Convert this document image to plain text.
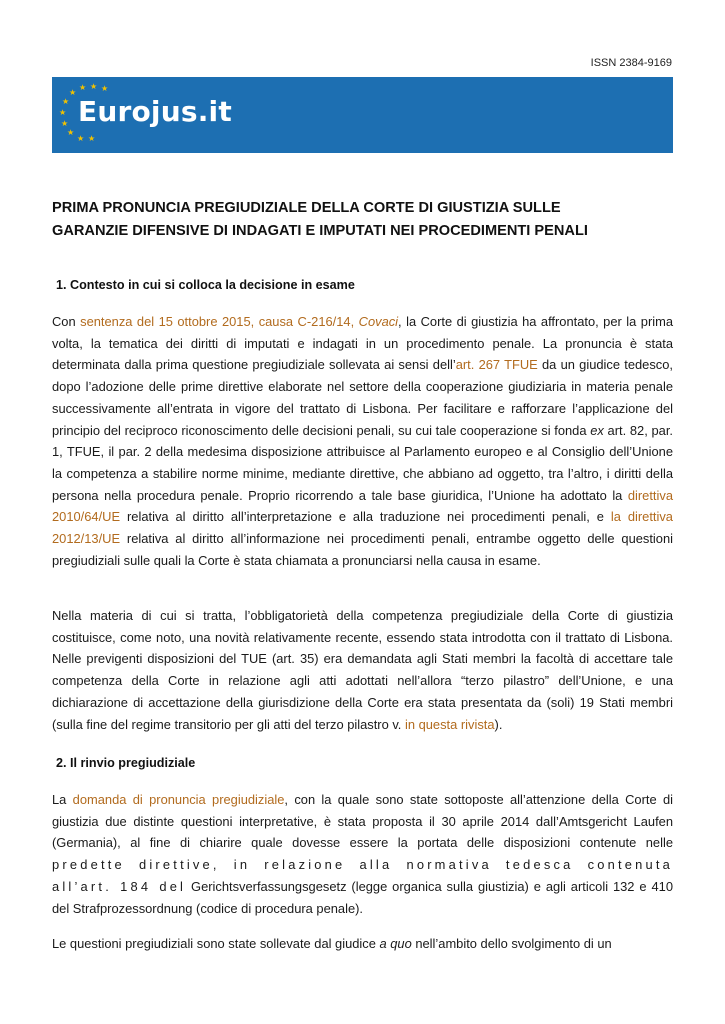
ISSN 2384-9169
★
★
★
★
★
★
★ ★ ★
★
Eurojus.it
PRIMA PRONUNCIA PREGIUDIZIALE DELLA CORTE DI GIUSTIZIA SULLE
GARANZIE DIFENSIVE DI INDAGATI E IMPUTATI NEI PROCEDIMENTI PENALI

1. Contesto in cui si colloca la decisione in esame

Con sentenza del 15 ottobre 2015, causa C-216/14, Covaci, la Corte di giustizia ha affrontato, per la prima volta, la tematica dei diritti di imputati e indagati in un procedimento penale. La pronuncia è stata determinata dalla prima questione pregiudiziale sollevata ai sensi dell’art. 267 TFUE da un giudice tedesco, dopo l’adozione delle prime direttive elaborate nel settore della cooperazione giudiziaria in materia penale successivamente all’entrata in vigore del trattato di Lisbona. Per facilitare e rafforzare l’applicazione del principio del reciproco riconoscimento delle decisioni penali, su cui tale cooperazione si fonda ex art. 82, par. 1, TFUE, il par. 2 della medesima disposizione attribuisce al Parlamento europeo e al Consiglio dell’Unione la competenza a stabilire norme minime, mediante direttive, che abbiano ad oggetto, tra l’altro, i diritti della persona nella procedura penale. Proprio ricorrendo a tale base giuridica, l’Unione ha adottato la direttiva 2010/64/UE relativa al diritto all’interpretazione e alla traduzione nei procedimenti penali, e la direttiva 2012/13/UE relativa al diritto all’informazione nei procedimenti penali, entrambe oggetto delle questioni pregiudiziali sulle quali la Corte è stata chiamata a pronunciarsi nella causa in esame.

Nella materia di cui si tratta, l’obbligatorietà della competenza pregiudiziale della Corte di giustizia costituisce, come noto, una novità relativamente recente, essendo stata introdotta con il trattato di Lisbona. Nelle previgenti disposizioni del TUE (art. 35) era demandata agli Stati membri la facoltà di accettare tale competenza della Corte in relazione agli atti adottati nell’allora “terzo pilastro” dell’Unione, e una dichiarazione di accettazione della giurisdizione della Corte era stata presentata da (soli) 19 Stati membri (sulla fine del regime transitorio per gli atti del terzo pilastro v. in questa rivista).

2. Il rinvio pregiudiziale

La domanda di pronuncia pregiudiziale, con la quale sono state sottoposte all’attenzione della Corte di giustizia due distinte questioni interpretative, è stata proposta il 30 aprile 2014 dall’Amtsgericht Laufen (Germania), al fine di chiarire quale dovesse essere la portata delle disposizioni contenute nelle predette direttive, in relazione alla normativa tedesca contenuta all’art. 184 del Gerichtsverfassungsgesetz (legge organica sulla giustizia) e agli articoli 132 e 410 del Strafprozessordnung (codice di procedura penale).

Le questioni pregiudiziali sono state sollevate dal giudice a quo nell’ambito dello svolgimento di un
